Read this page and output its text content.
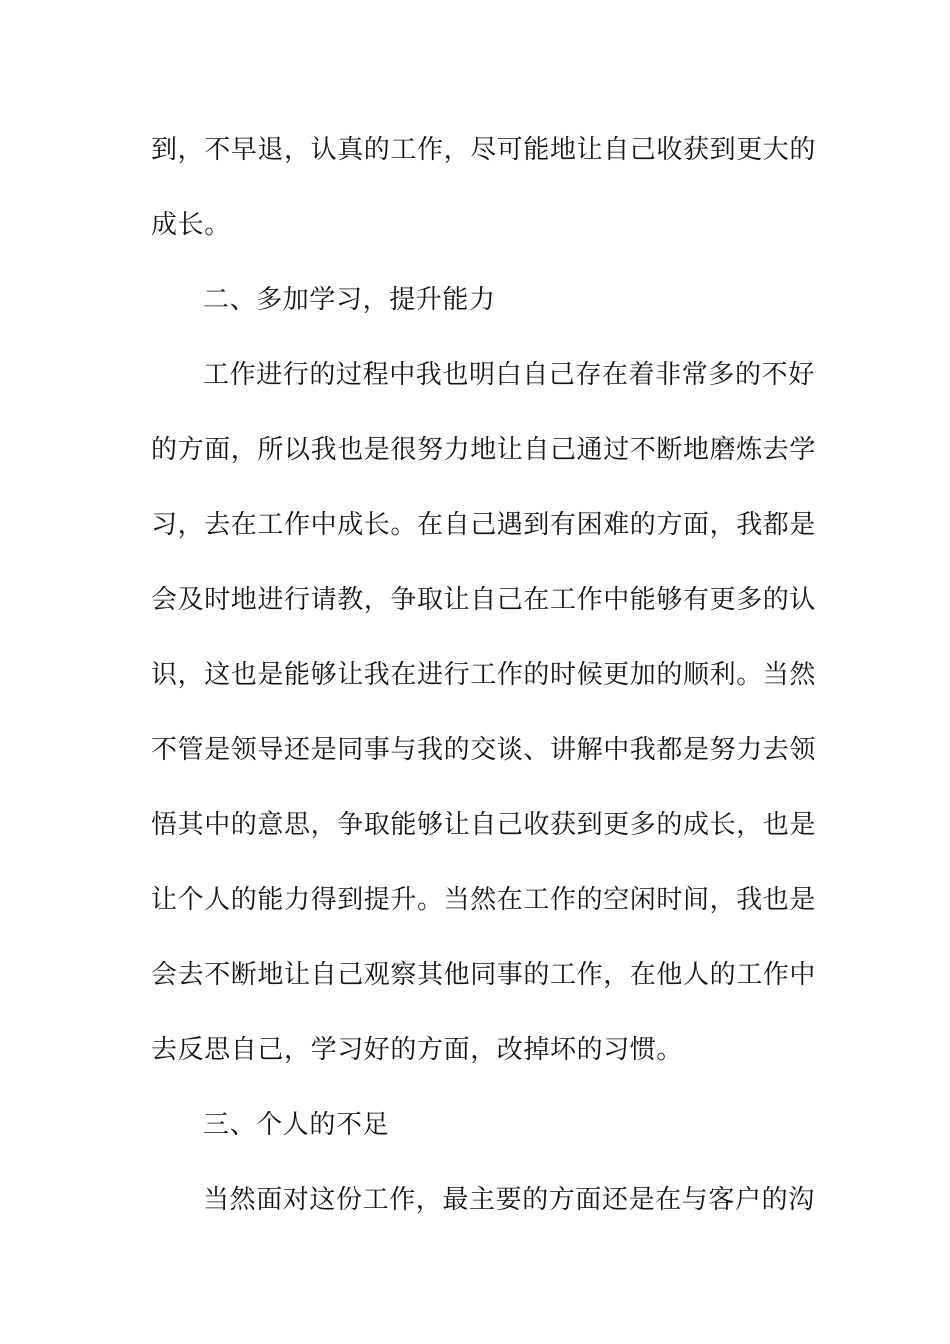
到，不早退，认真的工作，尽可能地让自己收获到更大的
成长。
二、多加学习，提升能力
工作进行的过程中我也明白自己存在着非常多的不好
的方面，所以我也是很努力地让自己通过不断地磨炼去学
习，去在工作中成长。在自己遇到有困难的方面，我都是
会及时地进行请教，争取让自己在工作中能够有更多的认
识，这也是能够让我在进行工作的时候更加的顺利。当然
不管是领导还是同事与我的交谈、讲解中我都是努力去领
悟其中的意思，争取能够让自己收获到更多的成长，也是
让个人的能力得到提升。当然在工作的空闲时间，我也是
会去不断地让自己观察其他同事的工作，在他人的工作中
去反思自己，学习好的方面，改掉坏的习惯。
三、个人的不足
当然面对这份工作，最主要的方面还是在与客户的沟
